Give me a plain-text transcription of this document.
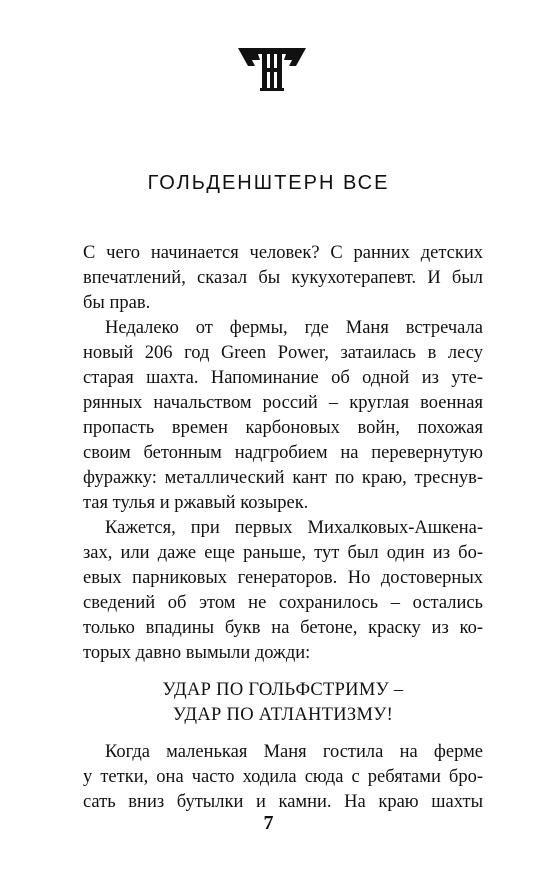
ГОЛЬДЕНШТЕРН ВСЕ

С чего начинается человек? С ранних детских
впечатлений, сказал бы кукухотерапевт. И был
бы прав.

Недалеко от фермы, где Маня встречала
новый 206 год Green Power, затаилась в лесу
старая шахта. Напоминание об одной из уте-
рянных начальством россий – круглая военная
пропасть времен карбоновых войн, похожая
своим бетонным надгробием на перевернутую
фуражку: металлический кант по краю, треснув-
тая тулья и ржавый козырек.

Кажется, при первых Михалковых-Ашкена-
зах, или даже еще раньше, тут был один из бо-
евых парниковых генераторов. Но достоверных
сведений об этом не сохранилось – остались
только впадины букв на бетоне, краску из ко-
торых давно вымыли дожди:

УДАР ПО ГОЛЬФСТРИМУ –
УДАР ПО АТЛАНТИЗМУ!

Когда маленькая Маня гостила на ферме
у тетки, она часто ходила сюда с ребятами бро-
сать вниз бутылки и камни. На краю шахты

7
